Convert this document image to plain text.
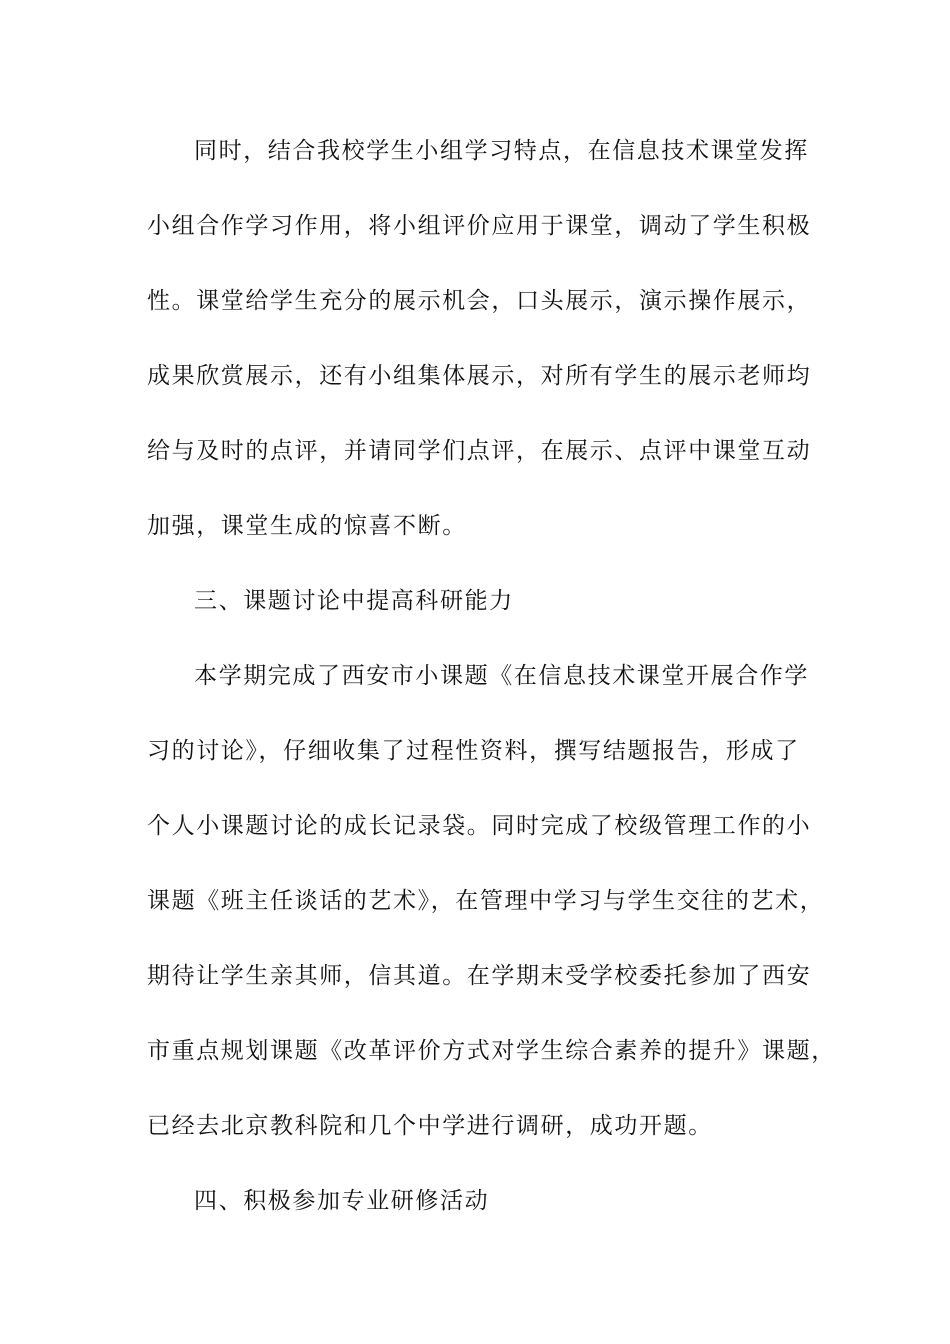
同时，结合我校学生小组学习特点，在信息技术课堂发挥
小组合作学习作用，将小组评价应用于课堂，调动了学生积极
性。课堂给学生充分的展示机会，口头展示，演示操作展示，
成果欣赏展示，还有小组集体展示，对所有学生的展示老师均
给与及时的点评，并请同学们点评，在展示、点评中课堂互动
加强，课堂生成的惊喜不断。
三、课题讨论中提高科研能力
本学期完成了西安市小课题《在信息技术课堂开展合作学
习的讨论》，仔细收集了过程性资料，撰写结题报告，形成了
个人小课题讨论的成长记录袋。同时完成了校级管理工作的小
课题《班主任谈话的艺术》，在管理中学习与学生交往的艺术，
期待让学生亲其师，信其道。在学期末受学校委托参加了西安
市重点规划课题《改革评价方式对学生综合素养的提升》课题，
已经去北京教科院和几个中学进行调研，成功开题。
四、积极参加专业研修活动
